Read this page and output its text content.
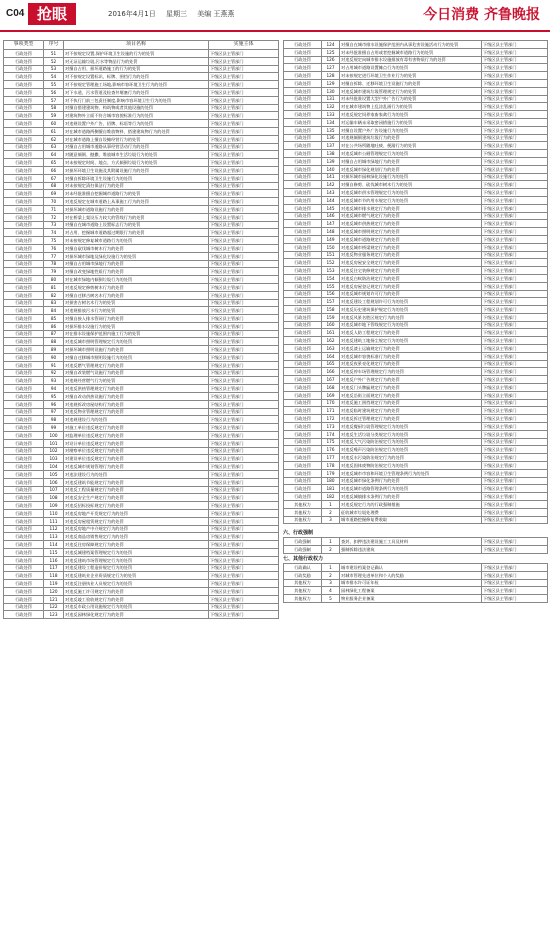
C04 抢眼	2016年4月1日 星期三 美编 王燕燕	今日消费 齐鲁晚报
事项类型	序号	项目名称	实施主体
行政处罚	51	对不按规定设置,保护环境卫生设施的行为的处罚	下级区县主管部门
行政处罚	52	对无证运输垃圾,污水等物品行为的处罚	下级区县主管部门
行政处罚	53	对擅自占用、损坏道路施工的行为的处罚	下级区县主管部门
行政处罚	54	对不按规定设置标识、标牌、围挡行为的处罚	下级区县主管部门
行政处罚	55	对不按规定管理施工场地,影响市容环境卫生行为的处罚	下级区县主管部门
行政处罚	56	对下水道、污水管道及检查井堵塞行为的处罚	下级区县主管部门
行政处罚	57	对不执行门前三包责任制度,影响市容环境卫生行为的处罚	下级区县主管部门
行政处罚	58	对擅自搭建建筑物、构筑物或者其他设施的处罚	下级区县主管部门
行政处罚	59	对建筑物外立面不符合城市容貌标准行为的处罚	下级区县主管部门
行政处罚	60	对违规设置户外广告、招牌、标语等行为的处罚	下级区县主管部门
行政处罚	61	对在城市道路两侧擅自堆放物料、搭建建筑物行为的处罚	下级区县主管部门
行政处罚	62	对在城市道路上擅自设摊经营行为的处罚	下级区县主管部门
行政处罚	63	对擅自占用城市道路从事经营活动行为的处罚	下级区县主管部门
行政处罚	64	对随意倾倒、抛撒、堆放城市生活垃圾行为的处罚	下级区县主管部门
行政处罚	65	对未按规定时间、地点、方式倾倒垃圾行为的处罚	下级区县主管部门
行政处罚	66	对损坏环境卫生设施及其附属设施行为的处罚	下级区县主管部门
行政处罚	67	对擅自拆除环境卫生设施行为的处罚	下级区县主管部门
行政处罚	68	对未按规定清扫保洁行为的处罚	下级区县主管部门
行政处罚	69	对未经批准擅自挖掘城市道路行为的处罚	下级区县主管部门
行政处罚	70	对违反规定在城市道路上从事施工行为的处罚	下级区县主管部门
行政处罚	71	对损坏城市道路设施行为的处罚	下级区县主管部门
行政处罚	72	对在桥梁上架设压力较大的管线行为的处罚	下级区县主管部门
行政处罚	73	对擅自在城市道路上设置标志行为的处罚	下级区县主管部门
行政处罚	74	对占用、挖掘城市道路超过期限行为的处罚	下级区县主管部门
行政处罚	75	对未按规定修复城市道路行为的处罚	下级区县主管部门
行政处罚	76	对擅自砍伐城市树木行为的处罚	下级区县主管部门
行政处罚	77	对损坏城市绿地及绿化设施行为的处罚	下级区县主管部门
行政处罚	78	对擅自占用城市绿地行为的处罚	下级区县主管部门
行政处罚	79	对擅自改变绿地性质行为的处罚	下级区县主管部门
行政处罚	80	对在城市绿地内倾倒垃圾行为的处罚	下级区县主管部门
行政处罚	81	对违反规定修剪树木行为的处罚	下级区县主管部门
行政处罚	82	对擅自迁移古树名木行为的处罚	下级区县主管部门
行政处罚	83	对损害古树名木行为的处罚	下级区县主管部门
行政处罚	84	对违规排放污水行为的处罚	下级区县主管部门
行政处罚	85	对擅自接入排水管网行为的处罚	下级区县主管部门
行政处罚	86	对损坏排水设施行为的处罚	下级区县主管部门
行政处罚	87	对在排水设施保护范围内施工行为的处罚	下级区县主管部门
行政处罚	88	对违反城市照明管理规定行为的处罚	下级区县主管部门
行政处罚	89	对损坏城市照明设施行为的处罚	下级区县主管部门
行政处罚	90	对擅自迁移城市照明设施行为的处罚	下级区县主管部门
行政处罚	91	对违反燃气管理规定行为的处罚	下级区县主管部门
行政处罚	92	对擅自改装燃气设施行为的处罚	下级区县主管部门
行政处罚	93	对违规经营燃气行为的处罚	下级区县主管部门
行政处罚	94	对违反供热管理规定行为的处罚	下级区县主管部门
行政处罚	95	对擅自改动供热设施行为的处罚	下级区县主管部门
行政处罚	96	对违规拆改房屋结构行为的处罚	下级区县主管部门
行政处罚	97	对违反物业管理规定行为的处罚	下级区县主管部门
行政处罚	98	对违规建设行为的处罚	下级区县主管部门
行政处罚	99	对施工单位违反规定行为的处罚	下级区县主管部门
行政处罚	100	对监理单位违反规定行为的处罚	下级区县主管部门
行政处罚	101	对设计单位违反规定行为的处罚	下级区县主管部门
行政处罚	102	对勘察单位违反规定行为的处罚	下级区县主管部门
行政处罚	103	对建设单位违反规定行为的处罚	下级区县主管部门
行政处罚	104	对违反城市规划管理行为的处罚	下级区县主管部门
行政处罚	105	对违法建设行为的处罚	下级区县主管部门
行政处罚	106	对违反建筑节能规定行为的处罚	下级区县主管部门
行政处罚	107	对违反工程质量规定行为的处罚	下级区县主管部门
行政处罚	108	对违反安全生产规定行为的处罚	下级区县主管部门
行政处罚	109	对违反招标投标规定行为的处罚	下级区县主管部门
行政处罚	110	对违反房地产开发规定行为的处罚	下级区县主管部门
行政处罚	111	对违反房屋租赁规定行为的处罚	下级区县主管部门
行政处罚	112	对违反房地产中介规定行为的处罚	下级区县主管部门
行政处罚	113	对违反商品房销售规定行为的处罚	下级区县主管部门
行政处罚	114	对违反住房保障规定行为的处罚	下级区县主管部门
行政处罚	115	对违反城建档案管理规定行为的处罚	下级区县主管部门
行政处罚	116	对违反建筑市场管理规定行为的处罚	下级区县主管部门
行政处罚	117	对违反建设工程造价规定行为的处罚	下级区县主管部门
行政处罚	118	对违反建筑业企业资质规定行为的处罚	下级区县主管部门
行政处罚	119	对违反注册执业人员规定行为的处罚	下级区县主管部门
行政处罚	120	对违反施工许可规定行为的处罚	下级区县主管部门
行政处罚	121	对违反竣工验收规定行为的处罚	下级区县主管部门
行政处罚	122	对违反市政公用设施规定行为的处罚	下级区县主管部门
行政处罚	123	对违反园林绿化规定行为的处罚	下级区县主管部门
行政处罚	124	对擅自在城市排水设施保护范围内从事危害设施活动行为的处罚	下级区县主管部门
行政处罚	125	对未经批准擅自占用或者挖掘城市道路行为的处罚	下级区县主管部门
行政处罚	126	对违反规定向城市排水设施排放有毒有害物质行为的处罚	下级区县主管部门
行政处罚	127	对占用城市道路设置摊点行为的处罚	下级区县主管部门
行政处罚	128	对未按规定进行环境卫生作业行为的处罚	下级区县主管部门
行政处罚	129	对擅自拆除、迁移环境卫生设施行为的处罚	下级区县主管部门
行政处罚	130	对违反城市建筑垃圾管理规定行为的处罚	下级区县主管部门
行政处罚	131	对未经批准设置大型户外广告行为的处罚	下级区县主管部门
行政处罚	132	对在城市建筑物上乱涂乱画行为的处罚	下级区县主管部门
行政处罚	133	对违反规定饲养家畜家禽行为的处罚	下级区县主管部门
行政处罚	134	对运输车辆未采取密闭措施行为的处罚	下级区县主管部门
行政处罚	135	对擅自设置户外广告设施行为的处罚	下级区县主管部门
行政处罚	136	对违规倾倒建筑垃圾行为的处罚	下级区县主管部门
行政处罚	137	对在公共场所随地吐痰、便溺行为的处罚	下级区县主管部门
行政处罚	138	对违反城市公厕管理规定行为的处罚	下级区县主管部门
行政处罚	139	对擅自占用城市绿地行为的处罚	下级区县主管部门
行政处罚	140	对违反城市绿化规划行为的处罚	下级区县主管部门
行政处罚	141	对损坏城市园林绿化设施行为的处罚	下级区县主管部门
行政处罚	142	对擅自修剪、砍伐城市树木行为的处罚	下级区县主管部门
行政处罚	143	对违反城市供水管理规定行为的处罚	下级区县主管部门
行政处罚	144	对违反城市节约用水规定行为的处罚	下级区县主管部门
行政处罚	145	对违反城市排水规定行为的处罚	下级区县主管部门
行政处罚	146	对违反城市燃气规定行为的处罚	下级区县主管部门
行政处罚	147	对违反城市供热规定行为的处罚	下级区县主管部门
行政处罚	148	对违反城市照明规定行为的处罚	下级区县主管部门
行政处罚	149	对违反城市道路规定行为的处罚	下级区县主管部门
行政处罚	150	对违反城市桥梁规定行为的处罚	下级区县主管部门
行政处罚	151	对违反物业服务规定行为的处罚	下级区县主管部门
行政处罚	152	对违反房屋安全规定行为的处罚	下级区县主管部门
行政处罚	153	对违反住宅装修规定行为的处罚	下级区县主管部门
行政处罚	154	对违反白蚁防治规定行为的处罚	下级区县主管部门
行政处罚	155	对违反房屋登记规定行为的处罚	下级区县主管部门
行政处罚	156	对违反城市规划许可行为的处罚	下级区县主管部门
行政处罚	157	对违反建设工程规划许可行为的处罚	下级区县主管部门
行政处罚	158	对违反历史建筑保护规定行为的处罚	下级区县主管部门
行政处罚	159	对违反风景名胜区规定行为的处罚	下级区县主管部门
行政处罚	160	对违反城市地下管线规定行为的处罚	下级区县主管部门
行政处罚	161	对违反人防工程规定行为的处罚	下级区县主管部门
行政处罚	162	对违反建筑工地扬尘规定行为的处罚	下级区县主管部门
行政处罚	163	对违反渣土运输规定行为的处罚	下级区县主管部门
行政处罚	164	对违反城市容貌标准行为的处罚	下级区县主管部门
行政处罚	165	对违反夜景亮化规定行为的处罚	下级区县主管部门
行政处罚	166	对违反停车场管理规定行为的处罚	下级区县主管部门
行政处罚	167	对违反户外广告规定行为的处罚	下级区县主管部门
行政处罚	168	对违反门头牌匾规定行为的处罚	下级区县主管部门
行政处罚	169	对违反沿街立面规定行为的处罚	下级区县主管部门
行政处罚	170	对违反施工围挡规定行为的处罚	下级区县主管部门
行政处罚	171	对违反临时建筑规定行为的处罚	下级区县主管部门
行政处罚	172	对违反拆迁管理规定行为的处罚	下级区县主管部门
行政处罚	173	对违反餐厨垃圾管理规定行为的处罚	下级区县主管部门
行政处罚	174	对违反生活垃圾分类规定行为的处罚	下级区县主管部门
行政处罚	175	对违反大气污染防治规定行为的处罚	下级区县主管部门
行政处罚	176	对违反噪声污染防治规定行为的处罚	下级区县主管部门
行政处罚	177	对违反水污染防治规定行为的处罚	下级区县主管部门
行政处罚	178	对违反固体废物防治规定行为的处罚	下级区县主管部门
行政处罚	179	对违反城市市容和环境卫生管理条例行为的处罚	下级区县主管部门
行政处罚	180	对违反城市绿化条例行为的处罚	下级区县主管部门
行政处罚	181	对违反城市道路管理条例行为的处罚	下级区县主管部门
行政处罚	182	对违反城镇排水条例行为的处罚	下级区县主管部门
其他权力	1	对违反规定行为的行政强制措施	下级区县主管部门
其他权力	2	征收城市垃圾处理费	下级区县主管部门
其他权力	3	城市道路挖掘修复费收取	下级区县主管部门
六、行政强制
行政强制	1	查封、扣押违法建设施工工具及材料	下级区县主管部门
行政强制	2	强制拆除违法建筑	下级区县主管部门
七、其他行政权力
行政确认	1	城市建设档案登记确认	下级区县主管部门
行政奖励	2	对城市管理先进单位和个人的奖励	下级区县主管部门
其他权力	3	城市排水许可证年检	下级区县主管部门
其他权力	4	园林绿化工程备案	下级区县主管部门
其他权力	5	物业服务企业备案	下级区县主管部门
